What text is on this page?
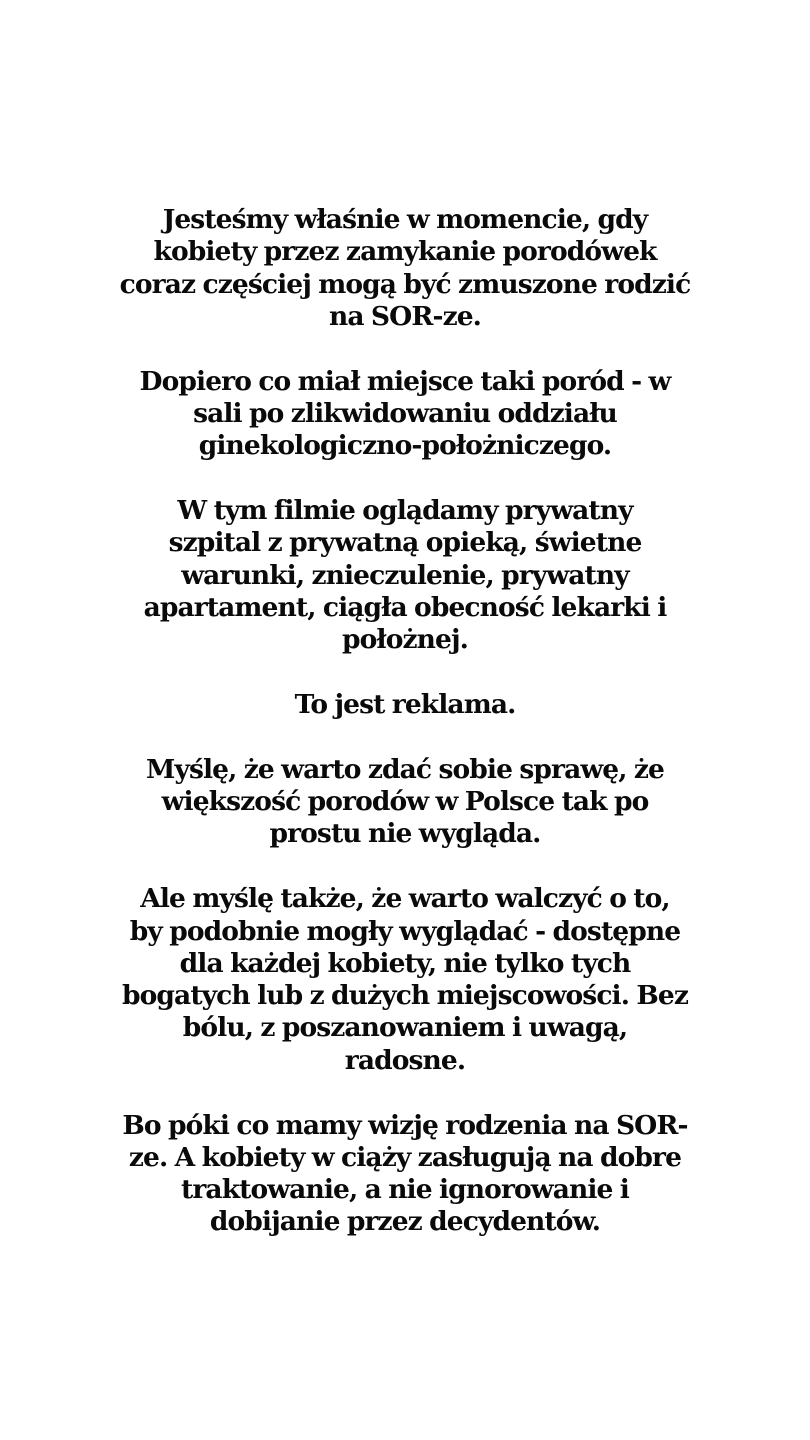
Jesteśmy właśnie w momencie, gdy
kobiety przez zamykanie porodówek
coraz częściej mogą być zmuszone rodzić
na SOR-ze.

Dopiero co miał miejsce taki poród - w
sali po zlikwidowaniu oddziału
ginekologiczno-położniczego.

W tym filmie oglądamy prywatny
szpital z prywatną opieką, świetne
warunki, znieczulenie, prywatny
apartament, ciągła obecność lekarki i
położnej.

To jest reklama.

Myślę, że warto zdać sobie sprawę, że
większość porodów w Polsce tak po
prostu nie wygląda.

Ale myślę także, że warto walczyć o to,
by podobnie mogły wyglądać - dostępne
dla każdej kobiety, nie tylko tych
bogatych lub z dużych miejscowości. Bez
bólu, z poszanowaniem i uwagą,
radosne.

Bo póki co mamy wizję rodzenia na SOR-
ze. A kobiety w ciąży zasługują na dobre
traktowanie, a nie ignorowanie i
dobijanie przez decydentów.
